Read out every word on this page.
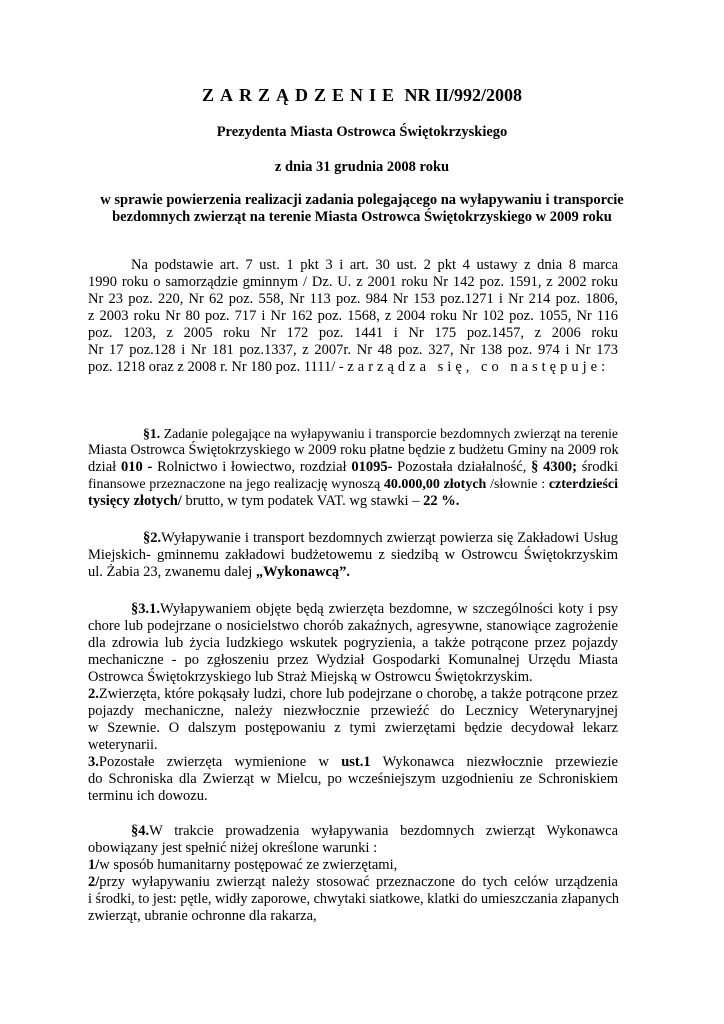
ZARZĄDZENIE NR II/992/2008
Prezydenta Miasta Ostrowca Świętokrzyskiego
z dnia 31 grudnia 2008 roku
w sprawie powierzenia realizacji zadania polegającego na wyłapywaniu i transporcie
bezdomnych zwierząt na terenie Miasta Ostrowca Świętokrzyskiego w 2009 roku
Na podstawie art. 7 ust. 1 pkt 3 i art. 30 ust. 2 pkt 4 ustawy z dnia 8 marca
1990 roku o samorządzie gminnym / Dz. U. z 2001 roku Nr 142 poz. 1591, z 2002 roku
Nr 23 poz. 220, Nr 62 poz. 558, Nr 113 poz. 984 Nr 153 poz.1271 i Nr 214 poz. 1806,
z 2003 roku Nr 80 poz. 717 i Nr 162 poz. 1568, z 2004 roku Nr 102 poz. 1055, Nr 116
poz. 1203, z 2005 roku Nr 172 poz. 1441 i Nr 175 poz.1457, z 2006 roku
Nr 17 poz.128 i Nr 181 poz.1337, z 2007r. Nr 48 poz. 327, Nr 138 poz. 974 i Nr 173
poz. 1218 oraz z 2008 r. Nr 180 poz. 1111/ - zarządza się, co następuje:
§1. Zadanie polegające na wyłapywaniu i transporcie bezdomnych zwierząt na terenie
Miasta Ostrowca Świętokrzyskiego w 2009 roku płatne będzie z budżetu Gminy na 2009 rok
dział 010 - Rolnictwo i łowiectwo, rozdział 01095- Pozostała działalność, § 4300; środki
finansowe przeznaczone na jego realizację wynoszą 40.000,00 złotych /słownie : czterdzieści
tysięcy złotych/ brutto, w tym podatek VAT. wg stawki – 22 %.
§2.Wyłapywanie i transport bezdomnych zwierząt powierza się Zakładowi Usług
Miejskich- gminnemu zakładowi budżetowemu z siedzibą w Ostrowcu Świętokrzyskim
ul. Żabia 23, zwanemu dalej „Wykonawcą”.
§3.1.Wyłapywaniem objęte będą zwierzęta bezdomne, w szczególności koty i psy
chore lub podejrzane o nosicielstwo chorób zakaźnych, agresywne, stanowiące zagrożenie
dla zdrowia lub życia ludzkiego wskutek pogryzienia, a także potrącone przez pojazdy
mechaniczne - po zgłoszeniu przez Wydział Gospodarki Komunalnej Urzędu Miasta
Ostrowca Świętokrzyskiego lub Straż Miejską w Ostrowcu Świętokrzyskim.
2.Zwierzęta, które pokąsały ludzi, chore lub podejrzane o chorobę, a także potrącone przez
pojazdy mechaniczne, należy niezwłocznie przewieźć do Lecznicy Weterynaryjnej
w Szewnie. O dalszym postępowaniu z tymi zwierzętami będzie decydował lekarz
weterynarii.
3.Pozostałe zwierzęta wymienione w ust.1 Wykonawca niezwłocznie przewiezie
do Schroniska dla Zwierząt w Mielcu, po wcześniejszym uzgodnieniu ze Schroniskiem
terminu ich dowozu.
§4.W trakcie prowadzenia wyłapywania bezdomnych zwierząt Wykonawca
obowiązany jest spełnić niżej określone warunki :
1/w sposób humanitarny postępować ze zwierzętami,
2/przy wyłapywaniu zwierząt należy stosować przeznaczone do tych celów urządzenia
i środki, to jest: pętle, widły zaporowe, chwytaki siatkowe, klatki do umieszczania złapanych
zwierząt, ubranie ochronne dla rakarza,
